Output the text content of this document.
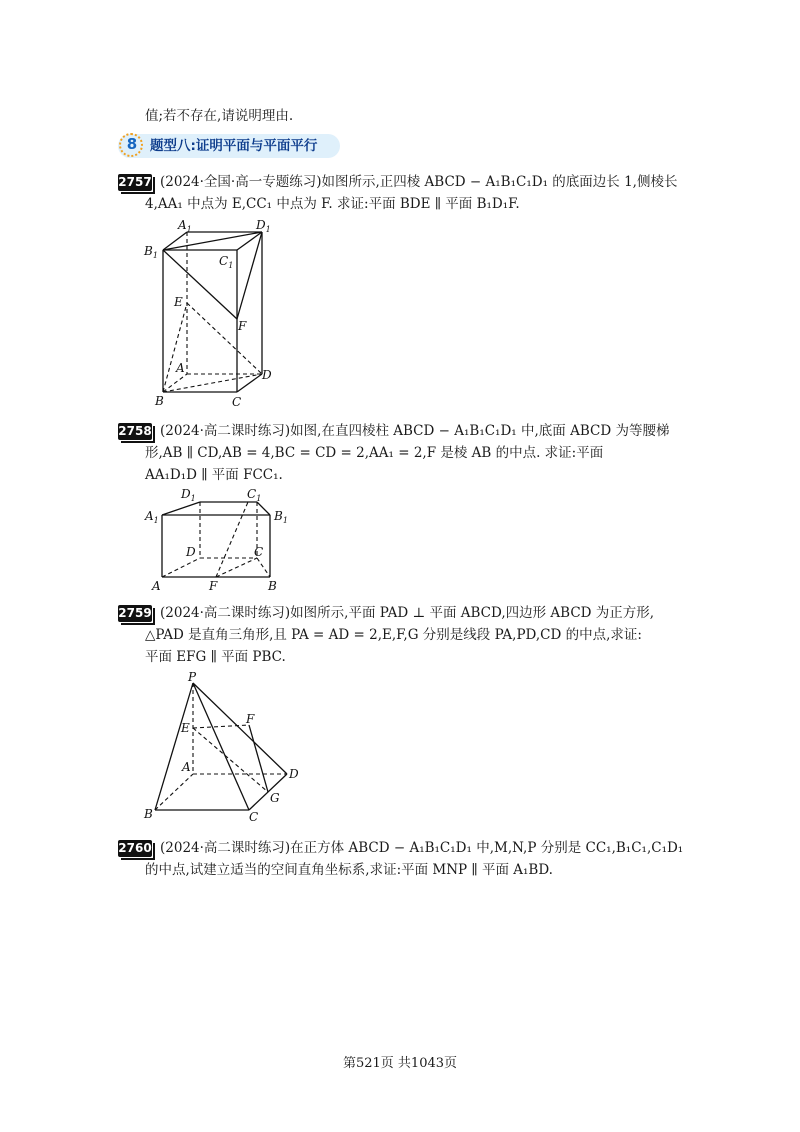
值;若不存在,请说明理由.
8 题型八:证明平面与平面平行
2757 (2024·全国·高一专题练习)如图所示,正四棱 ABCD − A₁B₁C₁D₁ 的底面边长 1,侧棱长
4,AA₁ 中点为 E,CC₁ 中点为 F. 求证:平面 BDE ∥ 平面 B₁D₁F.
$A_1$	$D_1$
$B_1$	$C_1$
E
F
A	D
B	C
2758 (2024·高二课时练习)如图,在直四棱柱 ABCD − A₁B₁C₁D₁ 中,底面 ABCD 为等腰梯
形,AB ∥ CD,AB = 4,BC = CD = 2,AA₁ = 2,F 是棱 AB 的中点. 求证:平面
AA₁D₁D ∥ 平面 FCC₁.
$D_1$	$C_1$
$A_1$	$B_1$
D	C
A	F	B
2759 (2024·高二课时练习)如图所示,平面 PAD ⊥ 平面 ABCD,四边形 ABCD 为正方形,
△PAD 是直角三角形,且 PA = AD = 2,E,F,G 分别是线段 PA,PD,CD 的中点,求证:
平面 EFG ∥ 平面 PBC.
P
F
E
A	D
G
B	C
2760 (2024·高二课时练习)在正方体 ABCD − A₁B₁C₁D₁ 中,M,N,P 分别是 CC₁,B₁C₁,C₁D₁
的中点,试建立适当的空间直角坐标系,求证:平面 MNP ∥ 平面 A₁BD.
第521页 共1043页
